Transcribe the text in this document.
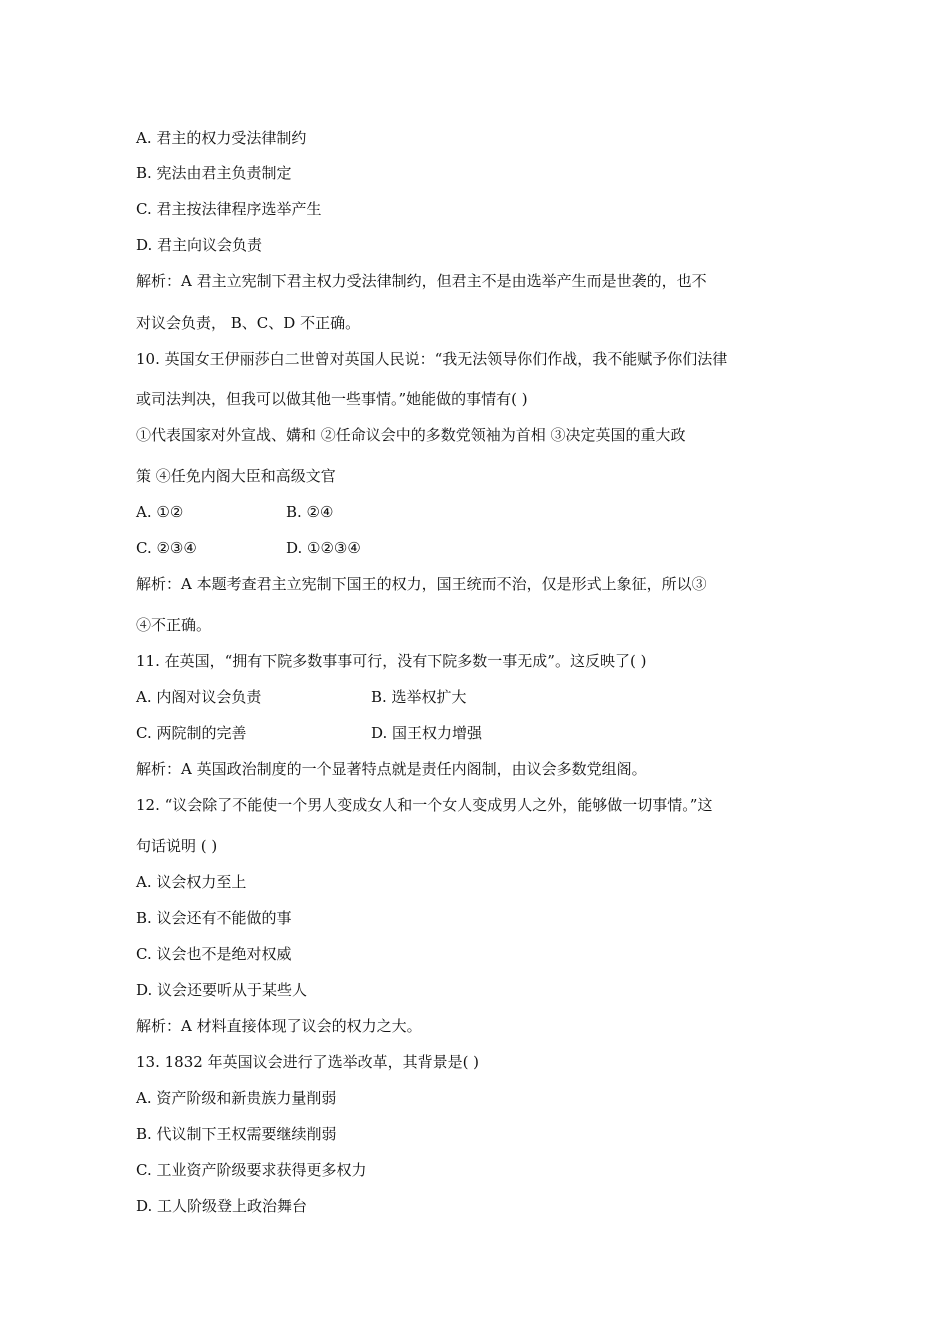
A. 君主的权力受法律制约
B. 宪法由君主负责制定
C. 君主按法律程序选举产生
D. 君主向议会负责
解析：A 君主立宪制下君主权力受法律制约，但君主不是由选举产生而是世袭的，也不
对议会负责， B、C、D 不正确。
10. 英国女王伊丽莎白二世曾对英国人民说：“我无法领导你们作战，我不能赋予你们法律
或司法判决，但我可以做其他一些事情。”她能做的事情有( )
①代表国家对外宣战、媾和 ②任命议会中的多数党领袖为首相 ③决定英国的重大政
策 ④任免内阁大臣和高级文官
A. ①②	B. ②④
C. ②③④	D. ①②③④
解析：A 本题考查君主立宪制下国王的权力，国王统而不治，仅是形式上象征，所以③
④不正确。
11. 在英国，“拥有下院多数事事可行，没有下院多数一事无成”。这反映了( )
A. 内阁对议会负责	B. 选举权扩大
C. 两院制的完善	D. 国王权力增强
解析：A 英国政治制度的一个显著特点就是责任内阁制，由议会多数党组阁。
12. “议会除了不能使一个男人变成女人和一个女人变成男人之外，能够做一切事情。”这
句话说明 ( )
A. 议会权力至上
B. 议会还有不能做的事
C. 议会也不是绝对权威
D. 议会还要听从于某些人
解析：A 材料直接体现了议会的权力之大。
13. 1832 年英国议会进行了选举改革，其背景是( )
A. 资产阶级和新贵族力量削弱
B. 代议制下王权需要继续削弱
C. 工业资产阶级要求获得更多权力
D. 工人阶级登上政治舞台
